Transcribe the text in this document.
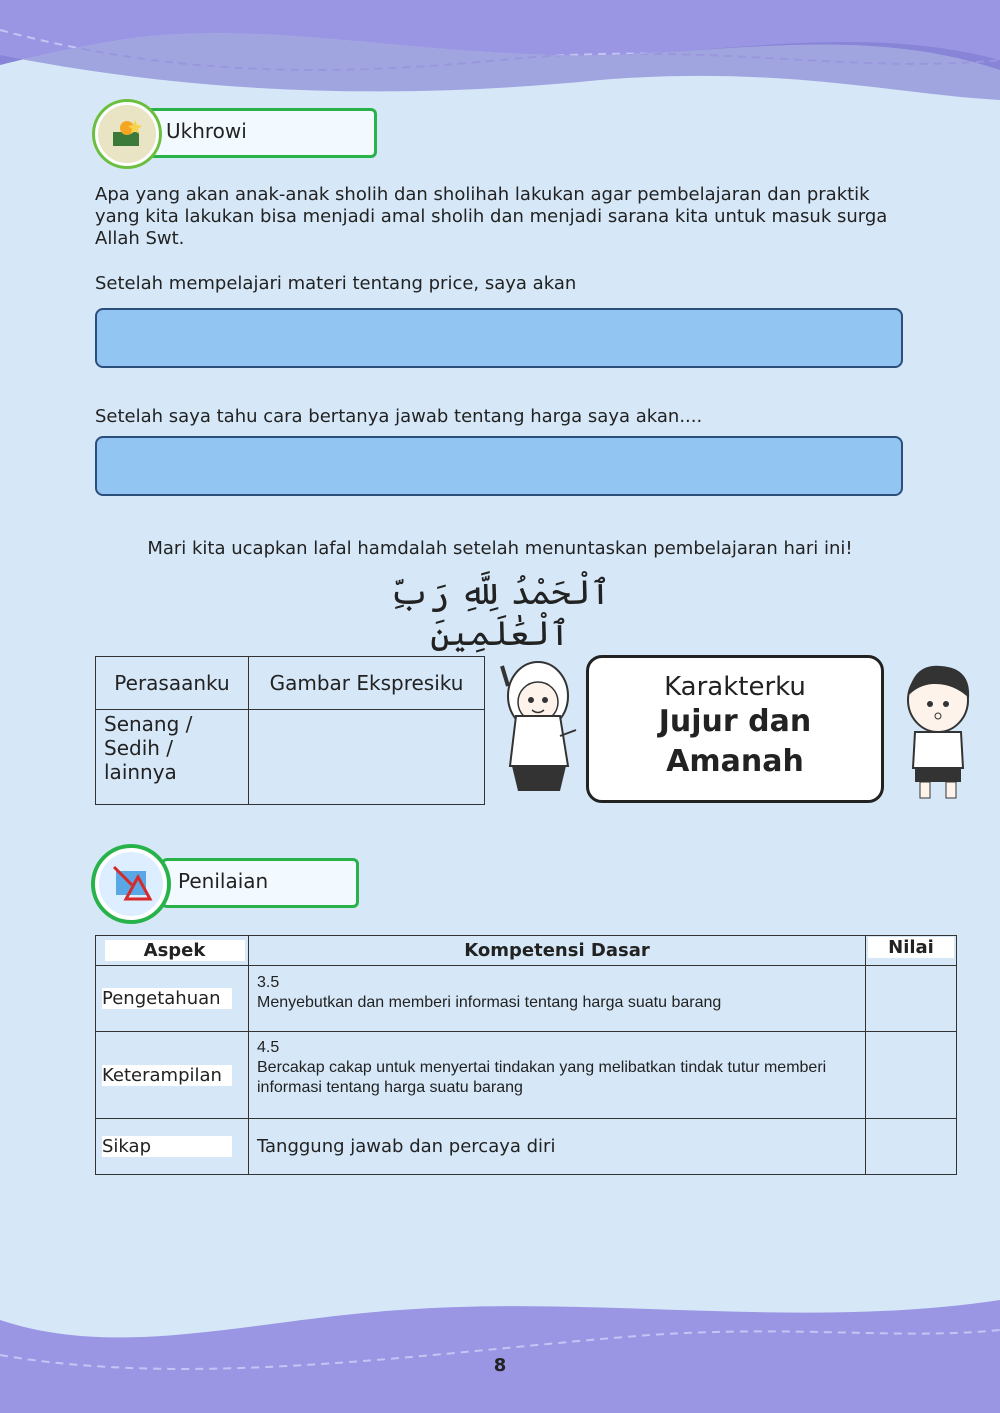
Ukhrowi
Apa yang akan anak-anak sholih dan sholihah lakukan agar pembelajaran dan praktik yang kita lakukan bisa menjadi amal sholih dan menjadi sarana kita untuk masuk surga Allah Swt.
Setelah mempelajari materi tentang price, saya akan
Setelah saya tahu cara bertanya jawab tentang harga saya akan....
Mari kita ucapkan lafal hamdalah setelah menuntaskan pembelajaran hari ini!
ٱلْحَمْدُ لِلَّهِ رَبِّ ٱلْعَٰلَمِينَ
Perasaanku	Gambar Ekspresiku
Senang / Sedih / lainnya	
Karakterku
Jujur dan
Amanah
Penilaian
Aspek	Kompetensi Dasar	Nilai
Pengetahuan	3.5
Menyebutkan dan memberi informasi tentang harga suatu barang	

Keterampilan	4.5
Bercakap cakap untuk menyertai tindakan yang melibatkan tindak tutur memberi informasi tentang harga suatu barang	

Sikap	Tanggung jawab dan percaya diri	

8
